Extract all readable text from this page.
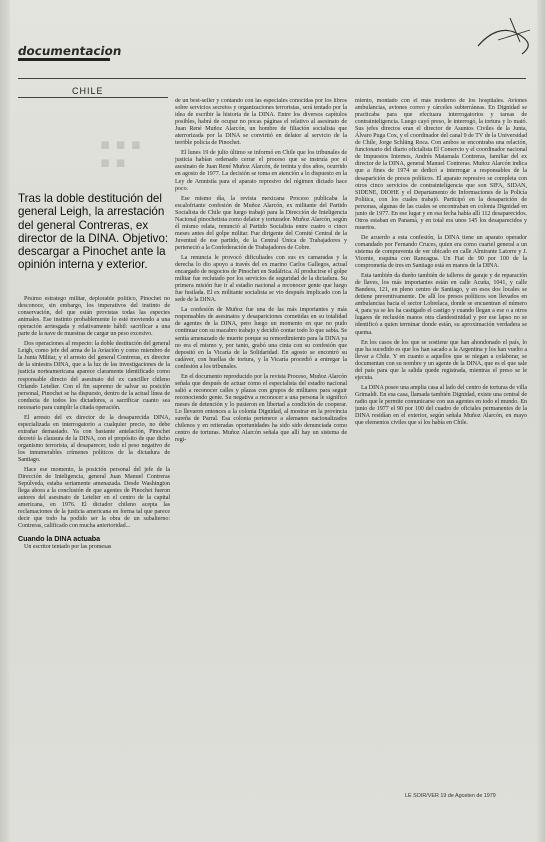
documentacion
CHILE
▪ ▪ ▪
▪ ▪
Tras la doble destitución del general Leigh, la arrestación del general Contreras, ex director de la DINA. Objetivo: descargar a Pinochet ante la opinión interna y exterior.

Pésimo estratego militar, deplorable político, Pinochet no desconoce, sin embargo, los imperativos del instinto de conservación, del que están provistas todas las especies animales. Ese instinto probablemente lo esté moviendo a una operación arriesgada y relativamente hábil: sacrificar a una parte de la nave de muestras de cargar un peso excesivo.

Dos operaciones al respecto: la doble destitución del general Leigh, como jefe del arma de la Aviación y como miembro de la Junta Militar, y el arresto del general Contreras, ex director de la siniestra DINA, que a la luz de las investigaciones de la justicia norteamericana aparece claramente identificado como responsable directo del asesinato del ex canciller chileno Orlando Letelier. Con el fin supremo de salvar su posición personal, Pinochet se ha dispuesto, dentro de la actual línea de conducta de todos los dictadores, a sacrificar cuanto sea necesario para cumplir la citada operación.

El arresto del ex director de la desaparecida DINA, especializada en interrogatorio a cualquier precio, no debe extrañar demasiado. Ya con bastante antelación, Pinochet decretó la clausura de la DINA, con el propósito de que dicho organismo terrorista, al desaparecer, todo el peso negativo de los innumerables crímenes políticos de la dictadura de Santiago.

Hace ese momento, la posición personal del jefe de la Dirección de Inteligencia, general Juan Manuel Contreras Sepúlveda, estaba seriamente amenazada. Desde Washington llega ahora a la conclusión de que agentes de Pinochet fueron autores del asesinato de Letelier en el centro de la capital americana, en 1976. El dictador chileno acepta las reclamaciones de la justicia americana en forma tal que parece decir que todo ha podido ser la obra de un subalterno: Contreras, calificado con mucha anterioridad...

Cuando la DINA actuaba

Un escritor tentado por las promesas

de un best-seller y contando con las especiales conocidas por los libros sobre servicios secretos y organizaciones terroristas, será tentado por la idea de escribir la historia de la DINA. Entre los diversos capítulos posibles, habrá de ocupar no pocas páginas el relativo al asesinato de Juan René Muñoz Alarcón, un hombre de filiación socialista que aterrorizada por la DINA se convirtió en delator al servicio de la terrible policía de Pinochet.

El lunes 19 de julio último se informó en Chile que los tribunales de justicia habían ordenado cerrar el proceso que se instruía por el asesinato de Juan René Muñoz Alarcón, de treinta y dos años, ocurrido en agosto de 1977. La decisión se toma en atención a lo dispuesto en la Ley de Amnistía para el aparato represivo del régimen dictado hace poco.

Ese mismo día, la revista mexicana Proceso publicaba la escalofriante confesión de Muñoz Alarcón, ex militante del Partido Socialista de Chile que luego trabajó para la Dirección de Inteligencia Nacional pinochetista como delator y torturador. Muñoz Alarcón, según él mismo relata, renunció al Partido Socialista entre cuatro o cinco meses antes del golpe militar. Fue dirigente del Comité Central de la Juventud de ese partido, de la Central Única de Trabajadores y perteneció a la Confederación de Trabajadores de Cobre.

La renuncia le provocó dificultades con sus ex camaradas y la derecha lo dio apoyo a través del ex marino Carlos Gallegos, actual encargado de negocios de Pinochet en Sudáfrica. Al producirse el golpe militar fue reclutado por los servicios de seguridad de la dictadura. Su primera misión fue ir al estadio nacional a reconocer gente que luego fue fusilada. El ex militante socialista se vio después implicado con la sede de la DINA.

La confesión de Muñoz fue una de las más importantes y más responsables de asesinatos y desapariciones cometidas en su totalidad de agentes de la DINA, pero luego un momento en que no pudo continuar con su macabro trabajo y decidió contar todo lo que sabía. Se sentía amenazado de muerte porque su remordimiento para la DINA ya no era el mismo y, por tanto, grabó una cinta con su confesión que depositó en la Vicaría de la Solidaridad. En agosto se encontró su cadáver, con huellas de tortura, y la Vicaría procedió a entregar la confesión a los tribunales.

En el documento reproducido por la revista Proceso, Muñoz Alarcón señala que después de actuar como el especialista del estadio nacional salió a reconocer calles y plazas con grupos de militares para seguir reconociendo gente. Su negativa a reconocer a una persona le significó meses de detención y lo pusieron en libertad a condición de cooperar. Lo llevaron entonces a la colonia Dignidad, al mostrar en la provincia sureña de Parral. Esa colonia pertenece a alemanes nacionalizados chilenos y en reiteradas oportunidades ha sido sido denunciada como centro de torturas. Muñoz Alarcón señala que allí hay un sistema de regi-

miento, montado con el más moderno de los hospitales. Aviones ambulancias, aviones correo y cárceles subterráneas. En Dignidad se practicaba para que efectuara interrogatorios y tareas de contrainteligencia. Luego cayó preso, le interrogó, la tortura y lo mató. Sus jefes directos eran el director de Asuntos Civiles de la Junta, Álvaro Puga Cox, y el coordinador del canal 9 de TV de la Universidad de Chile, Jorge Schlüng Roca. Con ambos se encontraba una relación, funcionario del diario oficialista El Comercio y el coordinador nacional de Impuestos Internos, Andrés Matamala Contreras, familiar del ex director de la DINA, general Manuel Contreras. Muñoz Alarcón indica que a fines de 1974 se dedicó a interrogar a responsables de la desaparición de presos políticos. El aparato represivo se completa con otros cinco servicios de contrainteligencia que son SIFA, SIDAN, SIDENE, DIOHE y el Departamento de Informaciones de la Policía Política, con los cuales trabajó. Participó en la desaparición de personas, algunas de las cuales se encontraban en colonia Dignidad en junio de 1977. En ese lugar y en esa fecha había allí 112 desaparecidos. Otros estaban en Panamá, y en total era unos 145 los desaparecidos y muertos.

De acuerdo a esta confesión, la DINA tiene un aparato operador comandado por Fernando Cruces, quien era como cuartel general a un sistema de compraventa de ver ubicado en calle Almirante Latorre y J. Vicente, esquina con Rancagua. Un Fiat de 90 por 100 de la comprometía de tres en Santiago está en manos de la DINA.

Esta también da dueño también de talleres de garaje y de reparación de llaves, los más importantes están en calle Acuña, 1041, y calle Bandera, 121, en pleno centro de Santiago, y en esos dos locales se detiene preventivamente. De allí los presos políticos son llevados en ambulancias hacia el sector Lobrelaca, donde se encuentran el número 4, para ya se les ha castigado el castigo y cuando llegan a ese o a otros lugares de reclusión manos otra clandestinidad y por ese lapso no se identificó a quien terminar donde están, su aproximación verdadera se quema.

En los casos de los que se sostiene que han ahondonado el país, lo que ha sucedido es que los han sacado a la Argentina y los han vuelto a llevar a Chile. Y en cuanto a aquellos que se niegan a colaborar, se documentan con su nombre y un agente de la DINA, que es el que sale del país para que la salida quede registrada, mientras el preso se le ejecuta.

La DINA posee una amplia casa al lado del centro de torturas de villa Grimaldi. En esa casa, llamada también Dignidad, existe una central de radio que le permite comunicarse con sus agentes en todo el mundo. En junio de 1977 el 90 por 100 del cuadro de oficiales permanentes de la DINA residían en el exterior, según señala Muñoz Alarcón, en mayo que elementos civiles que sí los había en Chile.

LE SOIR/VER 19 de Agosten de 1979
